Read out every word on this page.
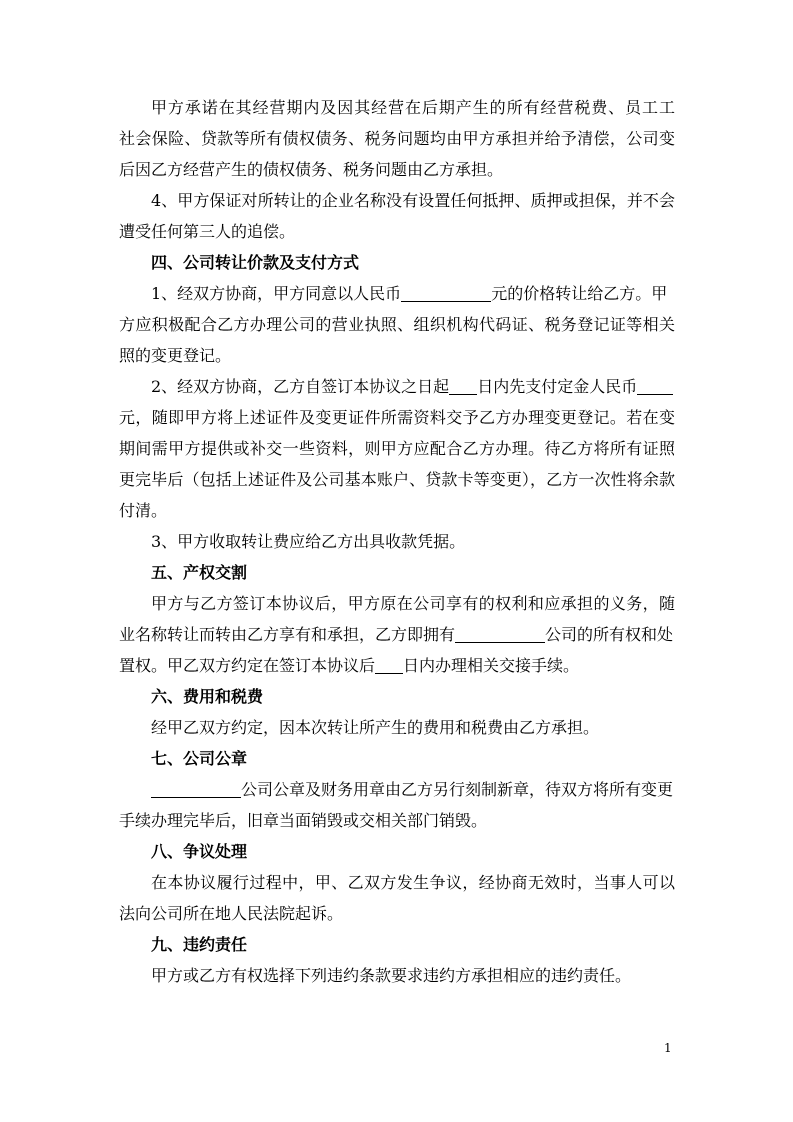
甲方承诺在其经营期内及因其经营在后期产生的所有经营税费、员工工
社会保险、贷款等所有债权债务、税务问题均由甲方承担并给予清偿，公司变
后因乙方经营产生的债权债务、税务问题由乙方承担。
4、甲方保证对所转让的企业名称没有设置任何抵押、质押或担保，并不会
遭受任何第三人的追偿。
四、公司转让价款及支付方式
1、经双方协商，甲方同意以人民币	元的价格转让给乙方。甲
方应积极配合乙方办理公司的营业执照、组织机构代码证、税务登记证等相关
照的变更登记。
2、经双方协商，乙方自签订本协议之日起 日内先支付定金人民币
元，随即甲方将上述证件及变更证件所需资料交予乙方办理变更登记。若在变
期间需甲方提供或补交一些资料，则甲方应配合乙方办理。待乙方将所有证照
更完毕后（包括上述证件及公司基本账户、贷款卡等变更），乙方一次性将余款
付清。
3、甲方收取转让费应给乙方出具收款凭据。
五、产权交割
甲方与乙方签订本协议后，甲方原在公司享有的权利和应承担的义务，随
业名称转让而转由乙方享有和承担，乙方即拥有	公司的所有权和处
置权。甲乙双方约定在签订本协议后 日内办理相关交接手续。
六、费用和税费
经甲乙双方约定，因本次转让所产生的费用和税费由乙方承担。
七、公司公章
公司公章及财务用章由乙方另行刻制新章，待双方将所有变更
手续办理完毕后，旧章当面销毁或交相关部门销毁。
八、争议处理
在本协议履行过程中，甲、乙双方发生争议，经协商无效时，当事人可以
法向公司所在地人民法院起诉。
九、违约责任
甲方或乙方有权选择下列违约条款要求违约方承担相应的违约责任。
1
